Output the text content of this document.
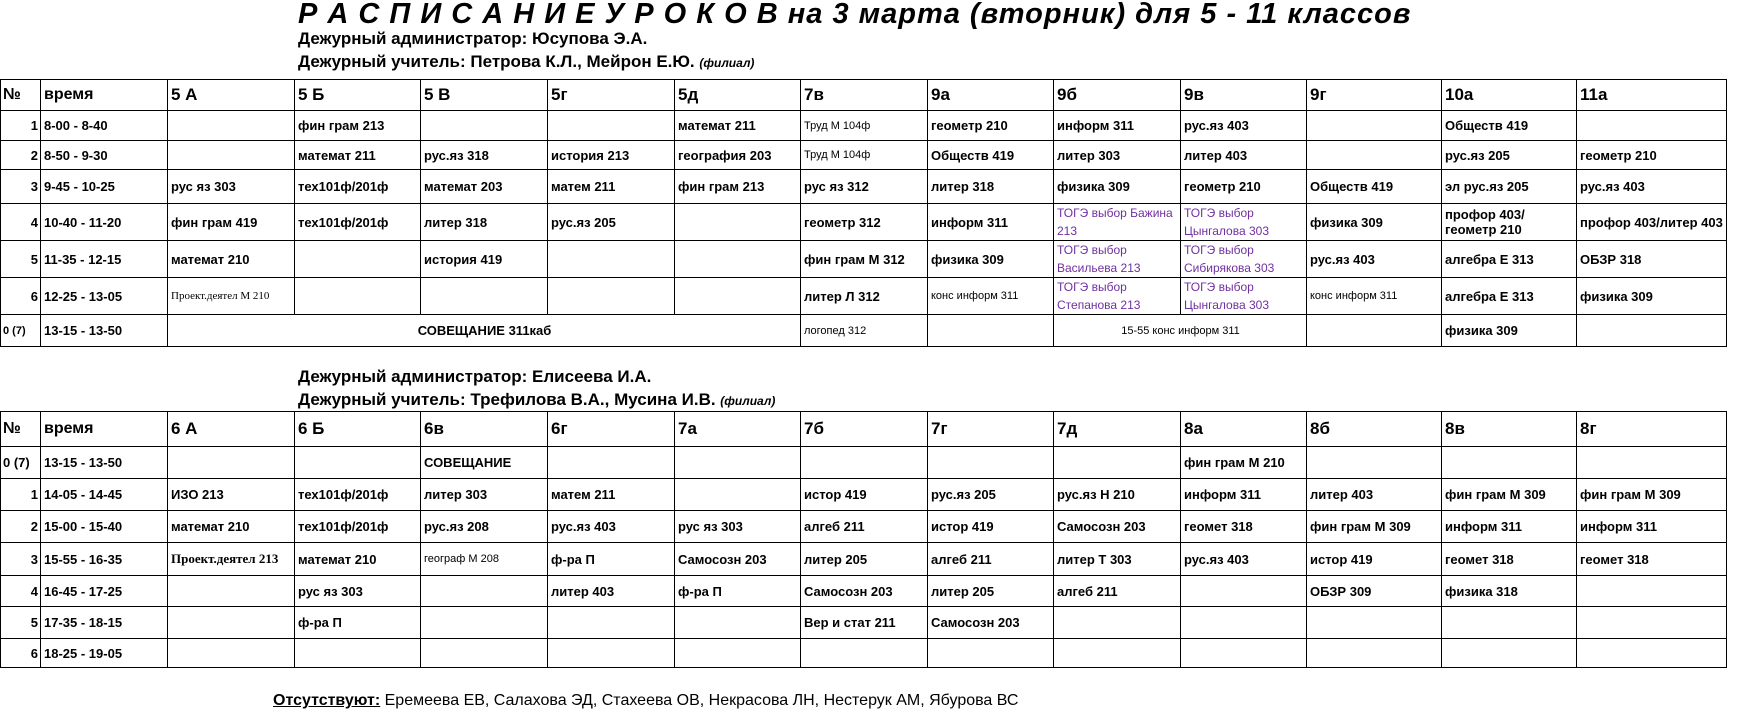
Р А С П И С А Н И Е У Р О К О В на 3 марта (вторник) для 5 - 11 классов
Дежурный администратор: Юсупова Э.А.
Дежурный учитель: Петрова К.Л., Мейрон Е.Ю. (филиал)
№	время	5 А	5 Б	5 В	5г	5д	7в	9а	9б	9в	9г	10а	11а
1	8-00 - 8-40		фин грам 213			математ 211	Труд М 104ф	геометр 210	информ 311	рус.яз 403		Обществ 419	
2	8-50 - 9-30		математ 211	рус.яз 318	история 213	география 203	Труд М 104ф	Обществ 419	литер 303	литер 403		рус.яз 205	геометр 210
3	9-45 - 10-25	рус яз 303	тех101ф/201ф	математ 203	матем 211	фин грам 213	рус яз 312	литер 318	физика 309	геометр 210	Обществ 419	эл рус.яз 205	рус.яз 403
4	10-40 - 11-20	фин грам 419	тех101ф/201ф	литер 318	рус.яз 205		геометр 312	информ 311	ТОГЭ выбор Бажина 213	ТОГЭ выбор Цынгалова 303	физика 309	профор 403/геометр 210	профор 403/литер 403
5	11-35 - 12-15	математ 210		история 419			фин грам М 312	физика 309	ТОГЭ выбор Васильева 213	ТОГЭ выбор Сибирякова 303	рус.яз 403	алгебра Е 313	ОБЗР 318
6	12-25 - 13-05	Проект.деятел М 210					литер Л 312	конс информ 311	ТОГЭ выбор Степанова 213	ТОГЭ выбор Цынгалова 303	конс информ 311	алгебра Е 313	физика 309
0 (7)	13-15 - 13-50	СОВЕЩАНИЕ 311каб					логопед 312		15-55 конс информ 311			физика 309	
Дежурный администратор: Елисеева И.А.
Дежурный учитель: Трефилова В.А., Мусина И.В. (филиал)
№	время	6 А	6 Б	6в	6г	7а	7б	7г	7д	8а	8б	8в	8г
0 (7)	13-15 - 13-50			СОВЕЩАНИЕ						фин грам М 210			
1	14-05 - 14-45	ИЗО 213	тех101ф/201ф	литер 303	матем 211		истор 419	рус.яз 205	рус.яз Н 210	информ 311	литер 403	фин грам М 309	фин грам М 309
2	15-00 - 15-40	математ 210	тех101ф/201ф	рус.яз 208	рус.яз 403	рус яз 303	алгеб 211	истор 419	Самосозн 203	геомет 318	фин грам М 309	информ 311	информ 311
3	15-55 - 16-35	Проект.деятел 213	математ 210	географ М 208	ф-ра П	Самосозн 203	литер 205	алгеб 211	литер Т 303	рус.яз 403	истор 419	геомет 318	геомет 318
4	16-45 - 17-25		рус яз 303		литер 403	ф-ра П	Самосозн 203	литер 205	алгеб 211		ОБЗР 309	физика 318	
5	17-35 - 18-15		ф-ра П				Вер и стат 211	Самосозн 203					
6	18-25 - 19-05												
Отсутствуют: Еремеева ЕВ, Салахова ЭД, Стахеева ОВ, Некрасова ЛН, Нестерук АМ, Ябурова ВС
